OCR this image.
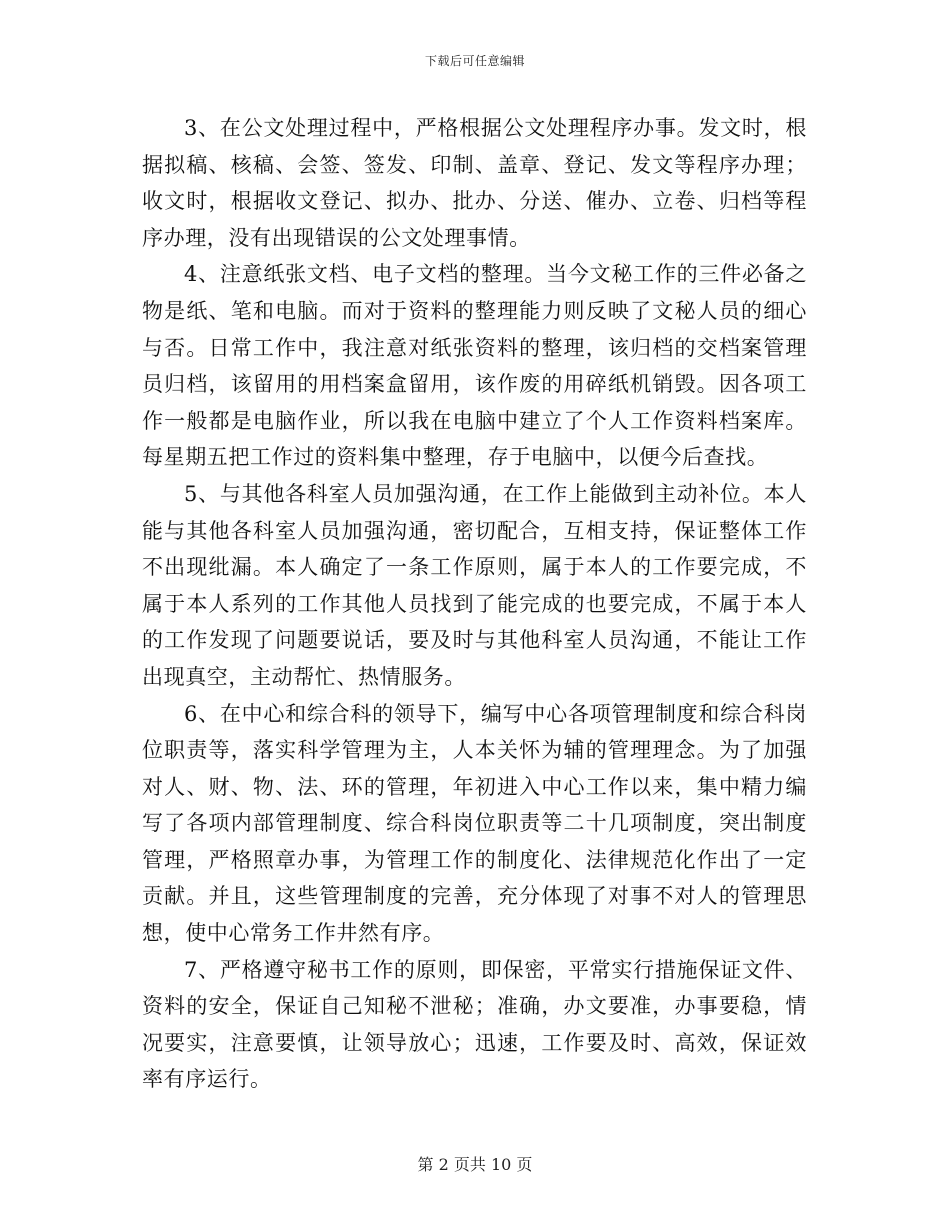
下载后可任意编辑

3、在公文处理过程中，严格根据公文处理程序办事。发文时，根据拟稿、核稿、会签、签发、印制、盖章、登记、发文等程序办理；收文时，根据收文登记、拟办、批办、分送、催办、立卷、归档等程序办理，没有出现错误的公文处理事情。

4、注意纸张文档、电子文档的整理。当今文秘工作的三件必备之物是纸、笔和电脑。而对于资料的整理能力则反映了文秘人员的细心与否。日常工作中，我注意对纸张资料的整理，该归档的交档案管理员归档，该留用的用档案盒留用，该作废的用碎纸机销毁。因各项工作一般都是电脑作业，所以我在电脑中建立了个人工作资料档案库。每星期五把工作过的资料集中整理，存于电脑中，以便今后查找。

5、与其他各科室人员加强沟通，在工作上能做到主动补位。本人能与其他各科室人员加强沟通，密切配合，互相支持，保证整体工作不出现纰漏。本人确定了一条工作原则，属于本人的工作要完成，不属于本人系列的工作其他人员找到了能完成的也要完成，不属于本人的工作发现了问题要说话，要及时与其他科室人员沟通，不能让工作出现真空，主动帮忙、热情服务。

6、在中心和综合科的领导下，编写中心各项管理制度和综合科岗位职责等，落实科学管理为主，人本关怀为辅的管理理念。为了加强对人、财、物、法、环的管理，年初进入中心工作以来，集中精力编写了各项内部管理制度、综合科岗位职责等二十几项制度，突出制度管理，严格照章办事，为管理工作的制度化、法律规范化作出了一定贡献。并且，这些管理制度的完善，充分体现了对事不对人的管理思想，使中心常务工作井然有序。

7、严格遵守秘书工作的原则，即保密，平常实行措施保证文件、资料的安全，保证自己知秘不泄秘；准确，办文要准，办事要稳，情况要实，注意要慎，让领导放心；迅速，工作要及时、高效，保证效率有序运行。

第 2 页共 10 页
